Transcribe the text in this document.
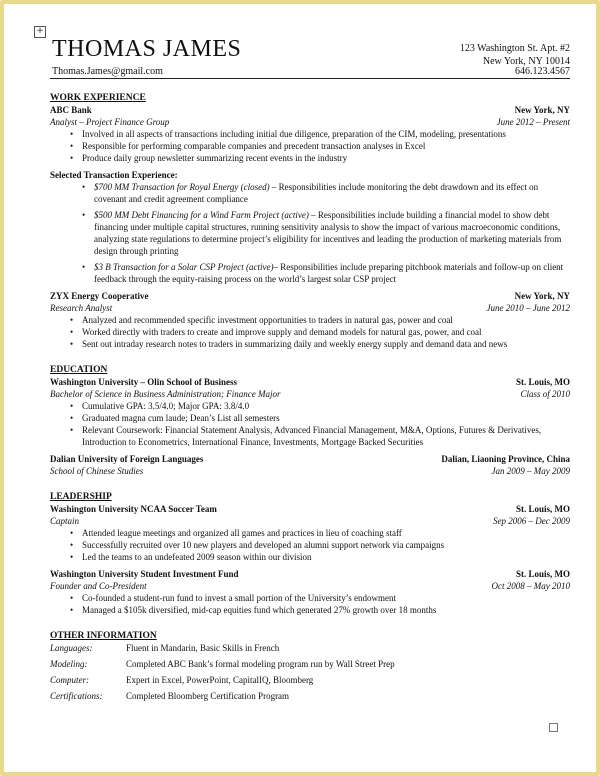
+
THOMAS JAMES	123 Washington St. Apt. #2
New York, NY 10014
Thomas.James@gmail.com	646.123.4567
WORK EXPERIENCE
ABC Bank	New York, NY
Analyst – Project Finance Group	June 2012 – Present
• Involved in all aspects of transactions including initial due diligence, preparation of the CIM, modeling, presentations
• Responsible for performing comparable companies and precedent transaction analyses in Excel
• Produce daily group newsletter summarizing recent events in the industry
Selected Transaction Experience:
• $700 MM Transaction for Royal Energy (closed) – Responsibilities include monitoring the debt drawdown and its effect on covenant and credit agreement compliance
• $500 MM Debt Financing for a Wind Farm Project (active) – Responsibilities include building a financial model to show debt financing under multiple capital structures, running sensitivity analysis to show the impact of various macroeconomic conditions, analyzing state regulations to determine project’s eligibility for incentives and leading the production of marketing materials from design through printing
• $3 B Transaction for a Solar CSP Project (active)– Responsibilities include preparing pitchbook materials and follow-up on client feedback through the equity-raising process on the world’s largest solar CSP project
ZYX Energy Cooperative	New York, NY
Research Analyst	June 2010 – June 2012
• Analyzed and recommended specific investment opportunities to traders in natural gas, power and coal
• Worked directly with traders to create and improve supply and demand models for natural gas, power, and coal
• Sent out intraday research notes to traders in summarizing daily and weekly energy supply and demand data and news
EDUCATION
Washington University – Olin School of Business	St. Louis, MO
Bachelor of Science in Business Administration; Finance Major	Class of 2010
• Cumulative GPA: 3.5/4.0; Major GPA: 3.8/4.0
• Graduated magna cum laude; Dean’s List all semesters
• Relevant Coursework: Financial Statement Analysis, Advanced Financial Management, M&A, Options, Futures & Derivatives, Introduction to Econometrics, International Finance, Investments, Mortgage Backed Securities
Dalian University of Foreign Languages	Dalian, Liaoning Province, China
School of Chinese Studies	Jan 2009 – May 2009
LEADERSHIP
Washington University NCAA Soccer Team	St. Louis, MO
Captain	Sep 2006 – Dec 2009
• Attended league meetings and organized all games and practices in lieu of coaching staff
• Successfully recruited over 10 new players and developed an alumni support network via campaigns
• Led the teams to an undefeated 2009 season within our division
Washington University Student Investment Fund	St. Louis, MO
Founder and Co-President	Oct 2008 – May 2010
• Co-founded a student-run fund to invest a small portion of the University’s endowment
• Managed a $105k diversified, mid-cap equities fund which generated 27% growth over 18 months
OTHER INFORMATION
Languages:	Fluent in Mandarin, Basic Skills in French
Modeling:	Completed ABC Bank’s formal modeling program run by Wall Street Prep
Computer:	Expert in Excel, PowerPoint, CapitalIQ, Bloomberg
Certifications:	Completed Bloomberg Certification Program
